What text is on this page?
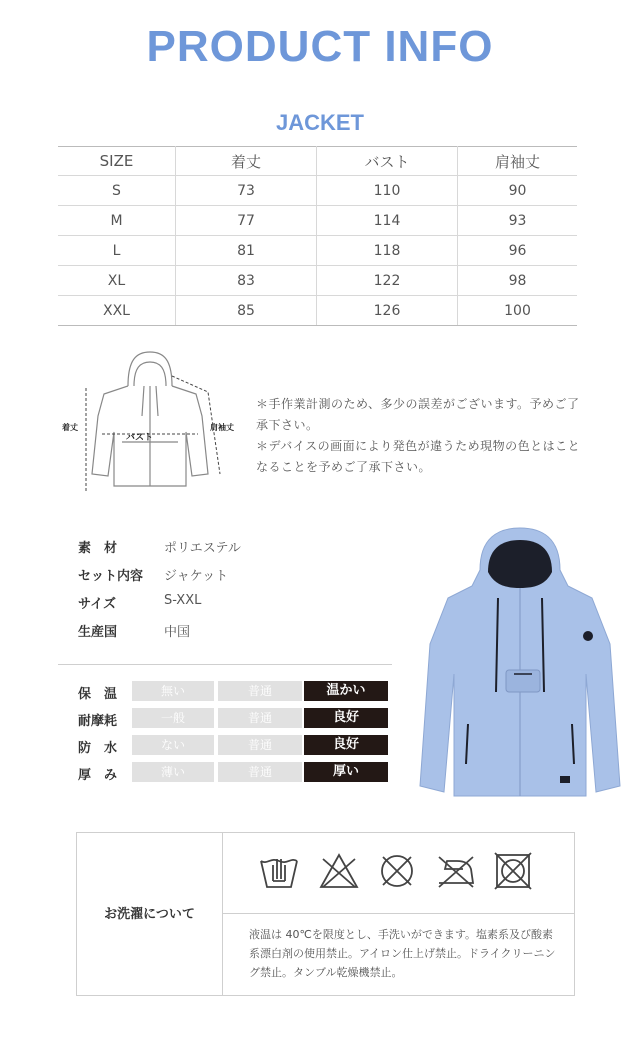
PRODUCT INFO
JACKET
SIZE	着丈	バスト	肩袖丈
S	73	110	90
M	77	114	93
L	81	118	96
XL	83	122	98
XXL	85	126	100
着丈
バスト
肩袖丈

＊手作業計測のため、多少の誤差がございます。予めご了承下さい。

＊デバイスの画面により発色が違うため現物の色とはことなることを予めご了承下さい。

素　材	ポリエステル
セット内容 ジャケット
サイズ	S-XXL
生産国	中国
保　温	無い	普通	温かい
耐摩耗	一般	普通	良好
防　水	ない	普通	良好
厚　み	薄い	普通	厚い
お洗濯について
液温は 40℃を限度とし、手洗いができます。塩素系及び酸素系漂白剤の使用禁止。アイロン仕上げ禁止。ドライクリーニング禁止。タンブル乾燥機禁止。
